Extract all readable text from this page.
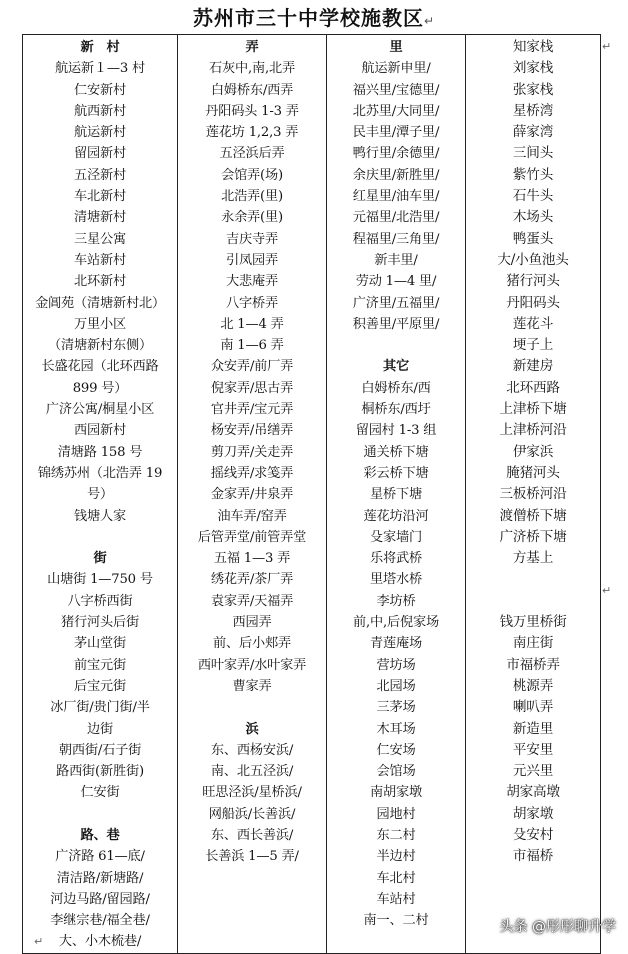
苏州市三十中学校施教区↵
新　村
航运新１—3 村
仁安新村
航西新村
航运新村
留园新村
五泾新村
车北新村
清塘新村
三星公寓
车站新村
北环新村
金阊苑（清塘新村北）
万里小区
（清塘新村东侧）
长盛花园（北环西路
899 号）
广济公寓/桐星小区
西园新村
清塘路 158 号
锦绣苏州（北浩弄 19
号）
钱塘人家
街
山塘街 1—750 号
八字桥西街
猪行河头后街
茅山堂街
前宝元街
后宝元街
冰厂街/贵门街/半
边街
朝西街/石子街
路西街(新胜街)
仁安街
路、巷
广济路 61—底/
清洁路/新塘路/
河边马路/留园路/
李继宗巷/福全巷/
大、小木梳巷/

弄
石灰中,南,北弄
白姆桥东/西弄
丹阳码头 1-3 弄
莲花坊 1,2,3 弄
五泾浜后弄
会馆弄(场)
北浩弄(里)
永余弄(里)
吉庆寺弄
引凤园弄
大悲庵弄
八字桥弄
北 1—4 弄
南 1—6 弄
众安弄/前厂弄
倪家弄/思古弄
官井弄/宝元弄
杨安弄/吊缮弄
剪刀弄/关走弄
摇线弄/求笺弄
金家弄/井泉弄
油车弄/窑弄
后管弄堂/前管弄堂
五福 1—3 弄
绣花弄/茶厂弄
袁家弄/天福弄
西园弄
前、后小郏弄
西叶家弄/水叶家弄
曹家弄
浜
东、西杨安浜/
南、北五泾浜/
旺思泾浜/星桥浜/
网船浜/长善浜/
东、西长善浜/
长善浜 1—5 弄/

里
航运新申里/
福兴里/宝德里/
北苏里/大同里/
民丰里/潭子里/
鸭行里/余德里/
余庆里/新胜里/
红星里/油车里/
元福里/北浩里/
程福里/三角里/
新丰里/
劳动 1—4 里/
广济里/五福里/
积善里/平原里/
其它
白姆桥东/西
桐桥东/西圩
留园村 1-3 组
通关桥下塘
彩云桥下塘
星桥下塘
莲花坊沿河
殳家墙门
乐将武桥
里塔水桥
李坊桥
前,中,后倪家场
青莲庵场
营坊场
北园场
三茅场
木耳场
仁安场
会馆场
南胡家墩
园地村
东二村
半边村
车北村
车站村
南一、二村

知家栈
刘家栈
张家栈
星桥湾
薛家湾
三间头
紫竹头
石牛头
木场头
鸭蛋头
大/小鱼池头
猪行河头
丹阳码头
莲花斗
埂子上
新建房
北环西路
上津桥下塘
上津桥河沿
伊家浜
腌猪河头
三板桥河沿
渡僧桥下塘
广济桥下塘
方基上
钱万里桥街
南庄街
市福桥弄
桃源弄
喇叭弄
新造里
平安里
元兴里
胡家高墩
胡家墩
殳安村
市福桥
↵
↵
↵
头条 @彤彤聊升学
